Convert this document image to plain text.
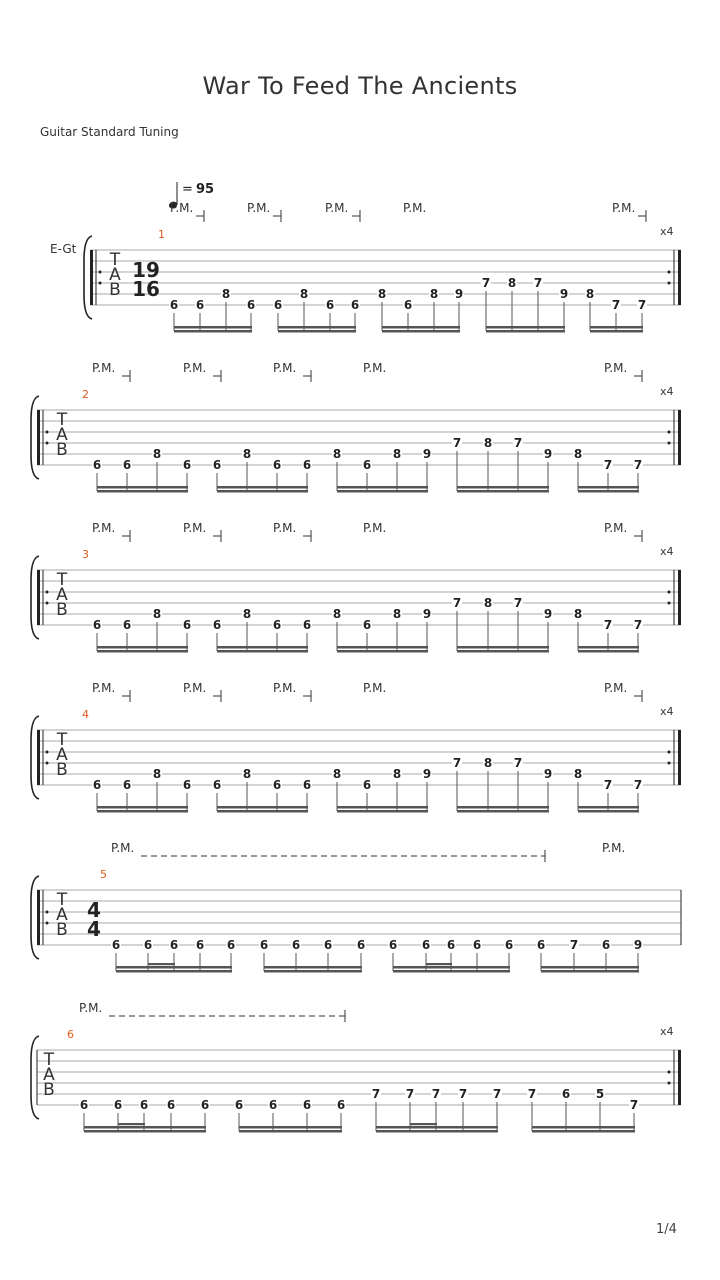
War To Feed The Ancients
Guitar Standard Tuning
1/4
T
A
B
E-Gt
1	x4
19
16
= 95
P.M.	P.M.	P.M.	P.M.	P.M.
6 6
8
6 6
8
6 6
8
6
8 9
7 8 7
9 8
7 7
T
A
B
2	x4
P.M.	P.M.	P.M.	P.M.	P.M.
6 6
8
6 6
8
6 6
8
6
8 9
7 8 7
9 8
7 7
T
A
B
3	x4
P.M.	P.M.	P.M.	P.M.	P.M.
6 6
8
6 6
8
6 6
8
6
8 9
7 8 7
9 8
7 7
T
A
B
4	x4
P.M.	P.M.	P.M.	P.M.	P.M.
6 6
8
6 6
8
6 6
8
6
8 9
7 8 7
9 8
7 7
T
A
B
5
4
4
P.M.	P.M.
6 6 6 6 6 6 6 6 6 6 6 6 6 6 6 7 6 9
T
A
B
6	x4
P.M.
6 6 6 6 6 6 6 6 6
7 7 7 7 7 7 6 5
7
